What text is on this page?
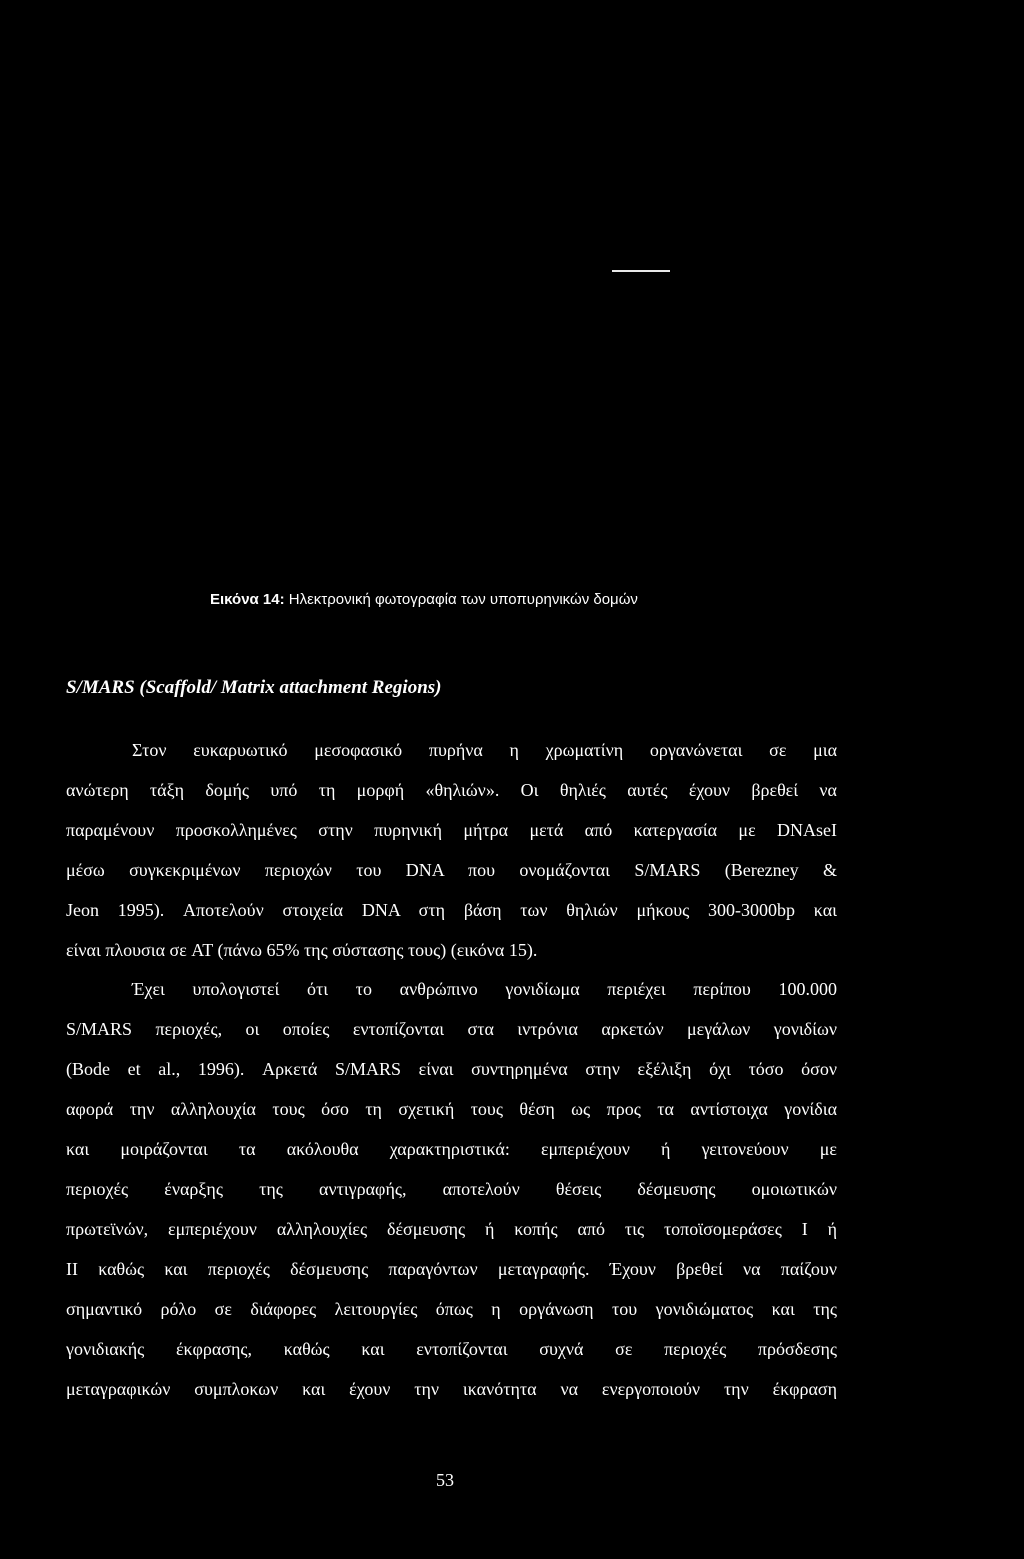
Εικόνα 14: Ηλεκτρονική φωτογραφία των υποπυρηνικών δομών
S/MARS (Scaffold/ Matrix attachment Regions)
Στον ευκαρυωτικό μεσοφασικό πυρήνα η χρωματίνη οργανώνεται σε μια
ανώτερη τάξη δομής υπό τη μορφή «θηλιών». Οι θηλιές αυτές έχουν βρεθεί να
παραμένουν προσκολλημένες στην πυρηνική μήτρα μετά από κατεργασία με DNAseI
μέσω συγκεκριμένων περιοχών του DNA που ονομάζονται S/MARS (Berezney &
Jeon 1995). Αποτελούν στοιχεία DNA στη βάση των θηλιών μήκους 300-3000bp και
είναι πλουσια σε AT (πάνω 65% της σύστασης τους) (εικόνα 15).
Έχει υπολογιστεί ότι το ανθρώπινο γονιδίωμα περιέχει περίπου 100.000
S/MARS περιοχές, οι οποίες εντοπίζονται στα ιντρόνια αρκετών μεγάλων γονιδίων
(Bode et al., 1996). Αρκετά S/MARS είναι συντηρημένα στην εξέλιξη όχι τόσο όσον
αφορά την αλληλουχία τους όσο τη σχετική τους θέση ως προς τα αντίστοιχα γονίδια
και μοιράζονται τα ακόλουθα χαρακτηριστικά: εμπεριέχουν ή γειτονεύουν με
περιοχές έναρξης της αντιγραφής, αποτελούν θέσεις δέσμευσης ομοιωτικών
πρωτεϊνών, εμπεριέχουν αλληλουχίες δέσμευσης ή κοπής από τις τοποϊσομεράσες I ή
II καθώς και περιοχές δέσμευσης παραγόντων μεταγραφής. Έχουν βρεθεί να παίζουν
σημαντικό ρόλο σε διάφορες λειτουργίες όπως η οργάνωση του γονιδιώματος και της
γονιδιακής έκφρασης, καθώς και εντοπίζονται συχνά σε περιοχές πρόσδεσης
μεταγραφικών συμπλοκων και έχουν την ικανότητα να ενεργοποιούν την έκφραση
53
